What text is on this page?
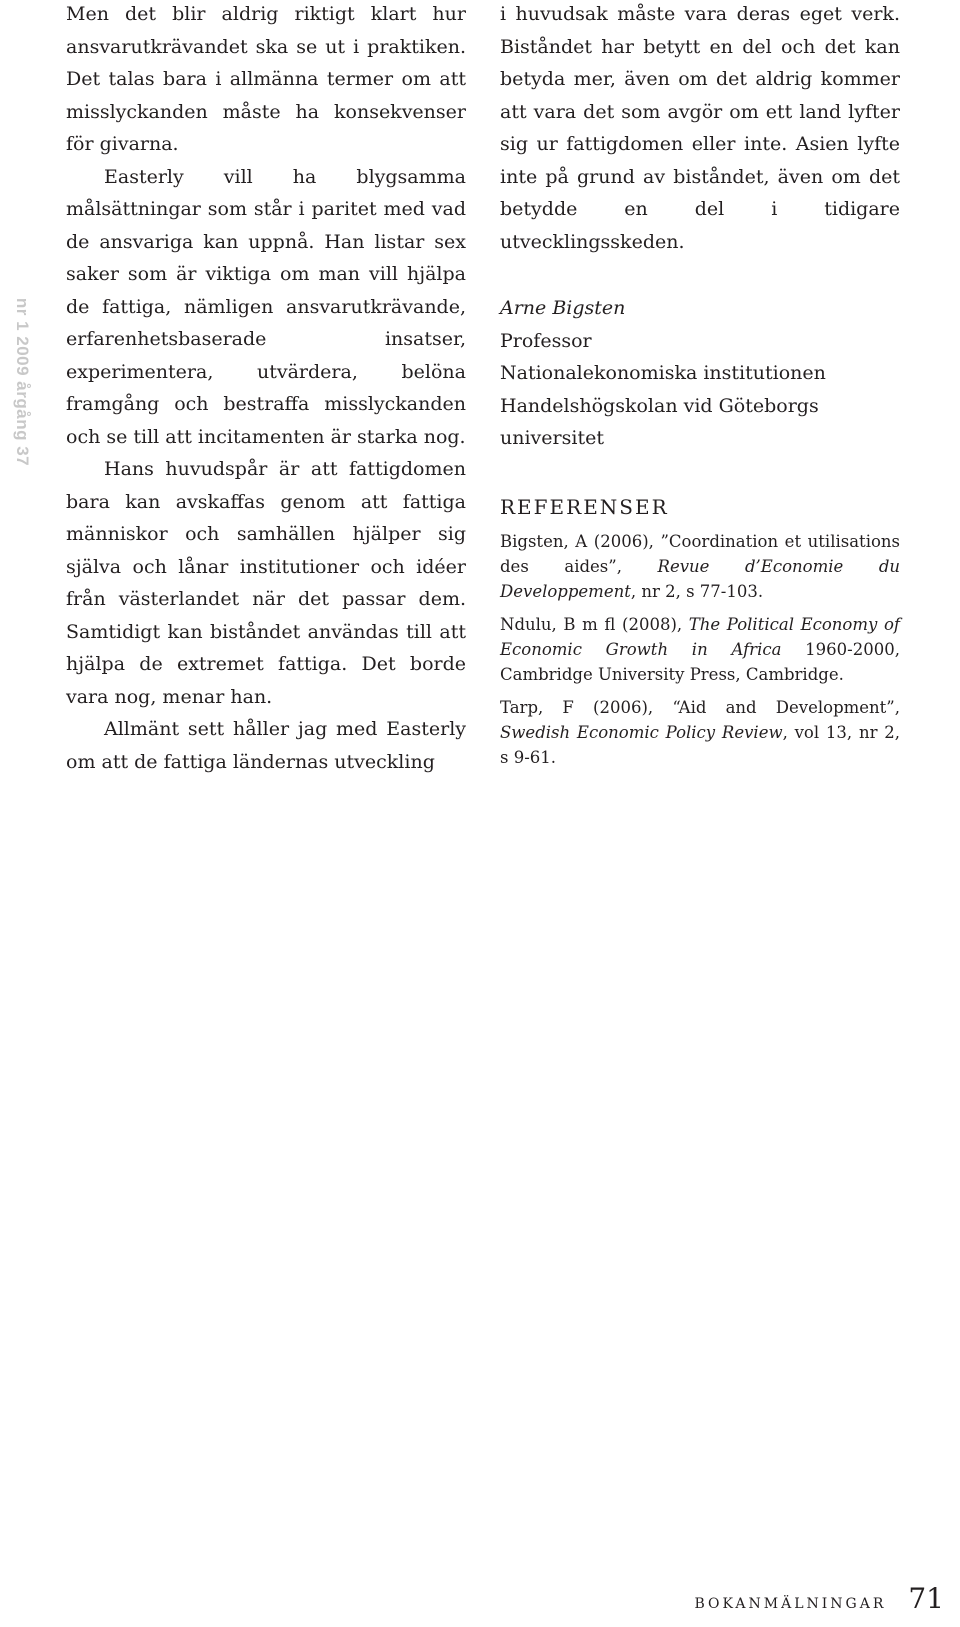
nr 1 2009 årgång 37

Men det blir aldrig riktigt klart hur ansvarutkrävandet ska se ut i praktiken. Det talas bara i allmänna termer om att misslyckanden måste ha konsekvenser för givarna.

Easterly vill ha blygsamma målsättningar som står i paritet med vad de ansvariga kan uppnå. Han listar sex saker som är viktiga om man vill hjälpa de fattiga, nämligen ansvarutkrävande, erfarenhetsbaserade insatser, experimentera, utvärdera, belöna framgång och bestraffa misslyckanden och se till att incitamenten är starka nog.

Hans huvudspår är att fattigdomen bara kan avskaffas genom att fattiga människor och samhällen hjälper sig själva och lånar institutioner och idéer från västerlandet när det passar dem. Samtidigt kan biståndet användas till att hjälpa de extremet fattiga. Det borde vara nog, menar han.

Allmänt sett håller jag med Easterly om att de fattiga ländernas utveckling

i huvudsak måste vara deras eget verk. Biståndet har betytt en del och det kan betyda mer, även om det aldrig kommer att vara det som avgör om ett land lyfter sig ur fattigdomen eller inte. Asien lyfte inte på grund av biståndet, även om det betydde en del i tidigare utvecklingsskeden.

Arne Bigsten
Professor
Nationalekonomiska institutionen
Handelshögskolan vid Göteborgs universitet
REFERENSER
Bigsten, A (2006), ”Coordination et utilisations des aides”, Revue d’Economie du Developpement, nr 2, s 77-103.
Ndulu, B m fl (2008), The Political Economy of Economic Growth in Africa 1960-2000, Cambridge University Press, Cambridge.
Tarp, F (2006), “Aid and Development”, Swedish Economic Policy Review, vol 13, nr 2, s 9-61.
BOKANMÄLNINGAR 71
